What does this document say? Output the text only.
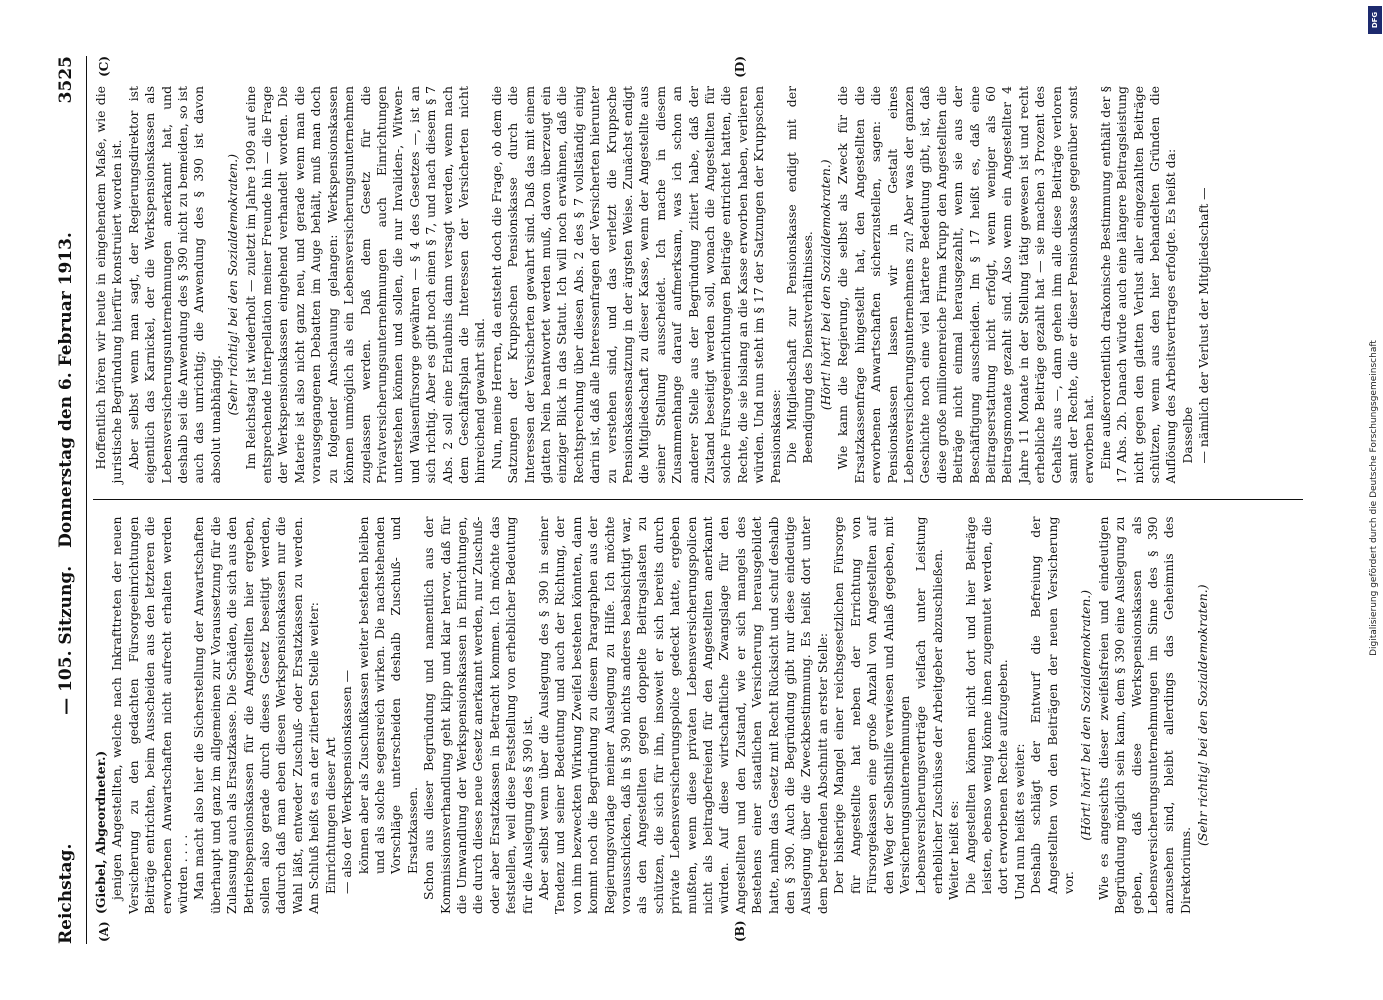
Reichstag.
— 105. Sitzung. Donnerstag den 6. Februar 1913.
3525
(A)	(B)
(C)	(D)

(Giebel, Abgeordneter.) jenigen Angestellten, welche nach Inkrafttreten der neuen Versicherung zu den gedachten Fürsorgeeinrichtungen Beiträge entrichten, beim Ausscheiden aus den letzteren die erworbenen Anwartschaften nicht aufrecht erhalten werden würden . . . . Man macht also hier die Sicherstellung der Anwartschaften überhaupt und ganz im allgemeinen zur Voraussetzung für die Zulassung auch als Ersatzkasse. Die Schäden, die sich aus den Betriebspensionskassen für die Angestellten hier ergeben, sollen also gerade durch dieses Gesetz beseitigt werden, dadurch daß man eben diesen Werkspensionskassen nur die Wahl läßt, entweder Zuschuß- oder Ersatzkassen zu werden. Am Schluß heißt es an der zitierten Stelle weiter: Einrichtungen dieser Art — also der Werkspensionskassen — können aber als Zuschußkassen weiter bestehen bleiben und als solche segensreich wirken. Die nachstehenden Vorschläge unterscheiden deshalb Zuschuß- und Ersatzkassen. Schon aus dieser Begründung und namentlich aus der Kommissionsverhandlung geht klipp und klar hervor, daß für die Umwandlung der Werkspensionskassen in Einrichtungen, die durch dieses neue Gesetz anerkannt werden, nur Zuschuß- oder aber Ersatzkassen in Betracht kommen. Ich möchte das feststellen, weil diese Feststellung von erheblicher Bedeutung für die Auslegung des § 390 ist. Aber selbst wenn über die Auslegung des § 390 in seiner Tendenz und seiner Bedeutung und auch der Richtung, der von ihm bezweckten Wirkung Zweifel bestehen könnten, dann kommt noch die Begründung zu diesem Paragraphen aus der Regierungsvorlage meiner Auslegung zu Hilfe. Ich möchte vorausschicken, daß in § 390 nichts anderes beabsichtigt war, als den Angestellten gegen doppelte Beitragslasten zu schützen, die sich für ihn, insoweit er sich bereits durch private Lebensversicherungspolice gedeckt hatte, ergeben mußten, wenn diese privaten Lebensversicherungspolicen nicht als beitragbefreiend für den Angestellten anerkannt würden. Auf diese wirtschaftliche Zwangslage für den Angestellten und den Zustand, wie er sich mangels des Bestehens einer staatlichen Versicherung herausgebildet hatte, nahm das Gesetz mit Recht Rücksicht und schuf deshalb den § 390. Auch die Begründung gibt nur diese eindeutige Auslegung über die Zweckbestimmung. Es heißt dort unter dem betreffenden Abschnitt an erster Stelle: Der bisherige Mangel einer reichsgesetzlichen Fürsorge für Angestellte hat neben der Errichtung von Fürsorgekassen eine große Anzahl von Angestellten auf den Weg der Selbsthilfe verwiesen und Anlaß gegeben, mit Versicherungsunternehmungen Lebensversicherungsverträge vielfach unter Leistung erheblicher Zuschüsse der Arbeitgeber abzuschließen. Weiter heißt es: Die Angestellten können nicht dort und hier Beiträge leisten, ebenso wenig könne ihnen zugemutet werden, die dort erworbenen Rechte aufzugeben. Und nun heißt es weiter: Deshalb schlägt der Entwurf die Befreiung der Angestellten von den Beiträgen der neuen Versicherung vor.

(Hört! hört! bei den Sozialdemokraten.) Wie es angesichts dieser zweifelsfreien und eindeutigen Begründung möglich sein kann, dem § 390 eine Auslegung zu geben, daß diese Werkspensionskassen als Lebensversicherungsunternehmungen im Sinne des § 390 anzusehen sind, bleibt allerdings das Geheimnis des Direktoriums.

(Sehr richtig! bei den Sozialdemokraten.)

Hoffentlich hören wir heute in eingehendem Maße, wie die juristische Begründung hierfür konstruiert worden ist. Aber selbst wenn man sagt, der Regierungsdirektor ist eigentlich das Karnickel, der die Werkspensionskassen als Lebensversicherungsunternehmungen anerkannt hat, und deshalb sei die Anwendung des § 390 nicht zu bemeiden, so ist auch das unrichtig; die Anwendung des § 390 ist davon absolut unabhängig.

(Sehr richtig! bei den Sozialdemokraten.) Im Reichstag ist wiederholt — zuletzt im Jahre 1909 auf eine entsprechende Interpellation meiner Freunde hin — die Frage der Werkspensionskassen eingehend verhandelt worden. Die Materie ist also nicht ganz neu, und gerade wenn man die vorausgegangenen Debatten im Auge behält, muß man doch zu folgender Anschauung gelangen: Werkspensionskassen können unmöglich als ein Lebensversicherungsunternehmen zugelassen werden. Daß dem Gesetz für die Privatversicherungsunternehmungen auch Einrichtungen unterstehen können und sollen, die nur Invaliden-, Witwen- und Waisenfürsorge gewähren — § 4 des Gesetzes —, ist an sich richtig. Aber es gibt noch einen § 7, und nach diesem § 7 Abs. 2 soll eine Erlaubnis dann versagt werden, wenn nach dem Geschäftsplan die Interessen der Versicherten nicht hinreichend gewahrt sind. Nun, meine Herren, da entsteht doch die Frage, ob dem die Satzungen der Kruppschen Pensionskasse durch die Interessen der Versicherten gewahrt sind. Daß das mit einem glatten Nein beantwortet werden muß, davon überzeugt ein einziger Blick in das Statut. Ich will noch erwähnen, daß die Rechtsprechung über diesen Abs. 2 des § 7 vollständig einig darin ist, daß alle Interessenfragen der Versicherten hierunter zu verstehen sind, und das verletzt die Kruppsche Pensionskassensatzung in der ärgsten Weise. Zunächst endigt die Mitgliedschaft zu dieser Kasse, wenn der Angestellte aus seiner Stellung ausscheidet. Ich mache in diesem Zusammenhange darauf aufmerksam, was ich schon an anderer Stelle aus der Begründung zitiert habe, daß der Zustand beseitigt werden soll, wonach die Angestellten für solche Fürsorgeeinrichtungen Beiträge entrichtet hatten, die Rechte, die sie bislang an die Kasse erworben haben, verlieren würden. Und nun steht im § 17 der Satzungen der Kruppschen Pensionskasse: Die Mitgliedschaft zur Pensionskasse endigt mit der Beendigung des Dienstverhältnisses. (Hört! hört! bei den Sozialdemokraten.) Wie kann die Regierung, die selbst als Zweck für die Ersatzkassenfrage hingestellt hat, den Angestellten die erworbenen Anwartschaften sicherzustellen, sagen: die Pensionskassen lassen wir in Gestalt eines Lebensversicherungsunternehmens zu? Aber was der ganzen Geschichte noch eine viel härtere Bedeutung gibt, ist, daß diese große millionenreiche Firma Krupp den Angestellten die Beiträge nicht einmal herausgezahlt, wenn sie aus der Beschäftigung ausscheiden. Im § 17 heißt es, daß eine Beitragserstattung nicht erfolgt, wenn weniger als 60 Beitragsmonate gezahlt sind. Also wenn ein Angestellter 4 Jahre 11 Monate in der Stellung tätig gewesen ist und recht erhebliche Beiträge gezahlt hat — sie machen 3 Prozent des Gehalts aus —, dann gehen ihm alle diese Beiträge verloren samt der Rechte, die er dieser Pensionskasse gegenüber sonst erworben hat. Eine außerordentlich drakonische Bestimmung enthält der § 17 Abs. 2b. Danach würde auch eine längere Beitragsleistung nicht gegen den glatten Verlust aller eingezahlten Beiträge schützen, wenn aus den hier behandelten Gründen die Auflösung des Arbeitsvertrages erfolgte. Es heißt da: Dasselbe — nämlich der Verlust der Mitgliedschaft —

Digitalisierung gefördert durch die Deutsche Forschungsgemeinschaft
DFG
